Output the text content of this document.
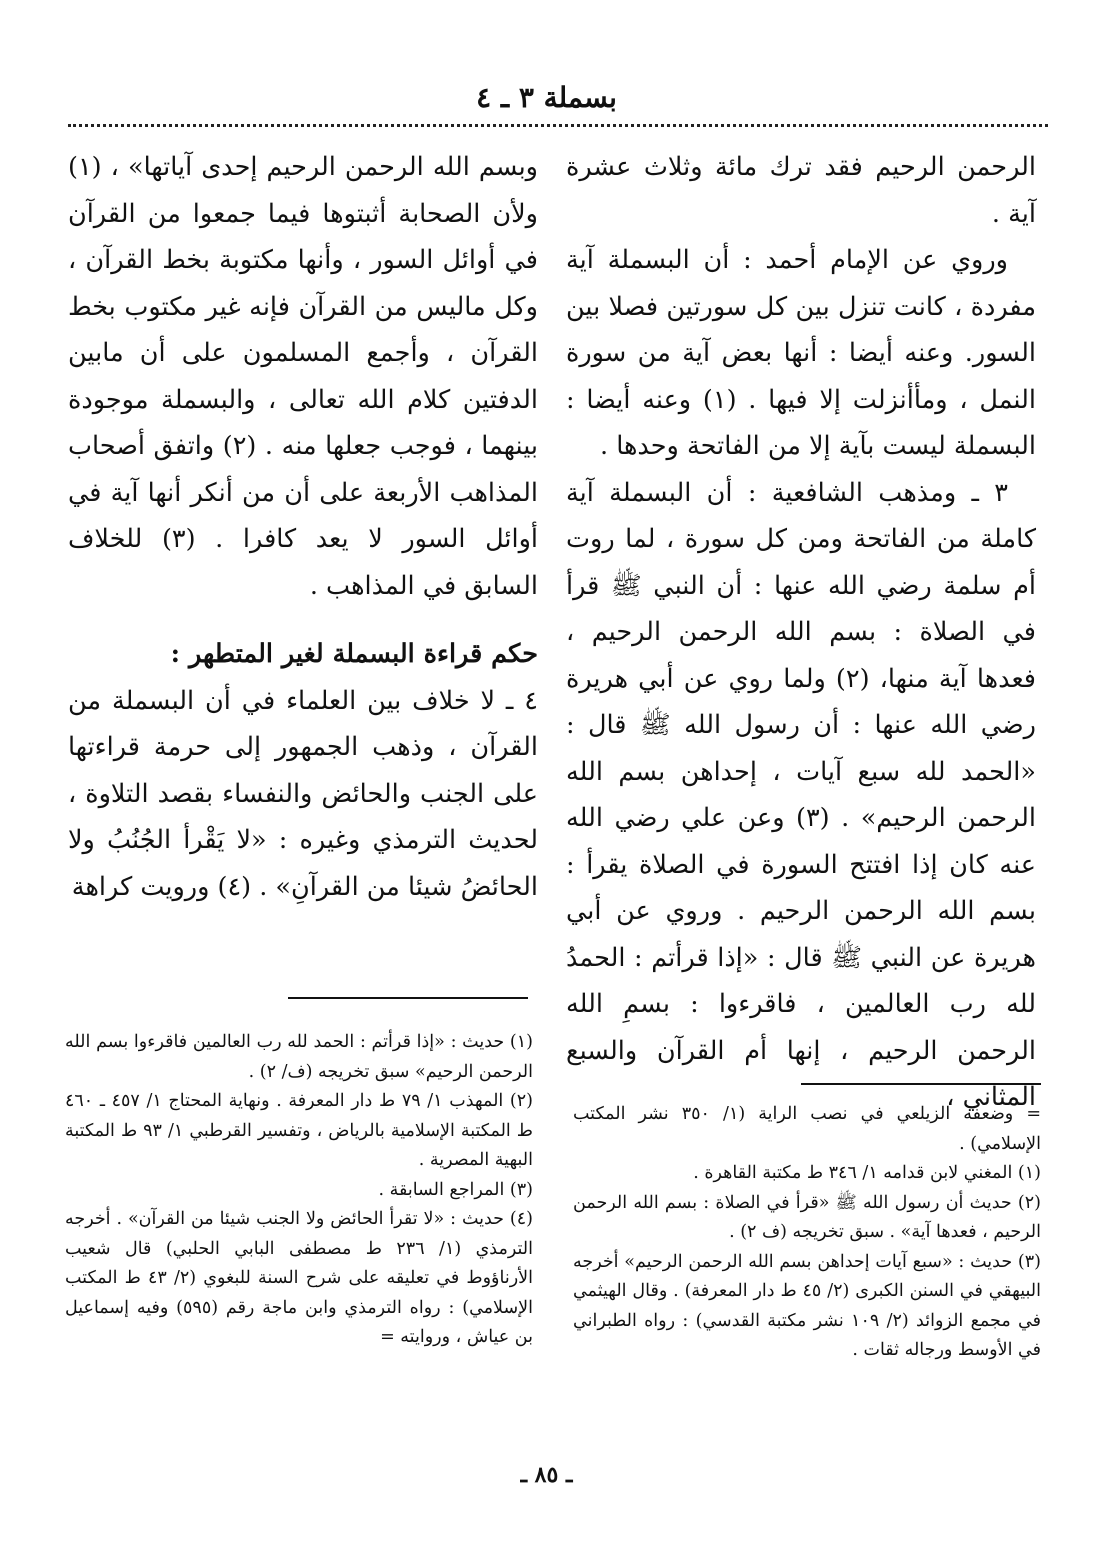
بسملة ٣ ـ ٤

الرحمن الرحيم فقد ترك مائة وثلاث عشرة آية .

وروي عن الإمام أحمد : أن البسملة آية مفردة ، كانت تنزل بين كل سورتين فصلا بين السور. وعنه أيضا : أنها بعض آية من سورة النمل ، ومأأنزلت إلا فيها . (١) وعنه أيضا : البسملة ليست بآية إلا من الفاتحة وحدها .

٣ ـ ومذهب الشافعية : أن البسملة آية كاملة من الفاتحة ومن كل سورة ، لما روت أم سلمة رضي الله عنها : أن النبي ﷺ قرأ في الصلاة : بسم الله الرحمن الرحيم ، فعدها آية منها، (٢) ولما روي عن أبي هريرة رضي الله عنها : أن رسول الله ﷺ قال : «الحمد لله سبع آيات ، إحداهن بسم الله الرحمن الرحيم» . (٣) وعن علي رضي الله عنه كان إذا افتتح السورة في الصلاة يقرأ : بسم الله الرحمن الرحيم . وروي عن أبي هريرة عن النبي ﷺ قال : «إذا قرأتم : الحمدُ لله رب العالمين ، فاقرءوا : بسمِ الله الرحمن الرحيم ، إنها أم القرآن والسبع المثاني ،

وبسم الله الرحمن الرحيم إحدى آياتها» ، (١) ولأن الصحابة أثبتوها فيما جمعوا من القرآن في أوائل السور ، وأنها مكتوبة بخط القرآن ، وكل ماليس من القرآن فإنه غير مكتوب بخط القرآن ، وأجمع المسلمون على أن مابين الدفتين كلام الله تعالى ، والبسملة موجودة بينهما ، فوجب جعلها منه . (٢) واتفق أصحاب المذاهب الأربعة على أن من أنكر أنها آية في أوائل السور لا يعد كافرا . (٣) للخلاف السابق في المذاهب .

حكم قراءة البسملة لغير المتطهر :

٤ ـ لا خلاف بين العلماء في أن البسملة من القرآن ، وذهب الجمهور إلى حرمة قراءتها على الجنب والحائض والنفساء بقصد التلاوة ، لحديث الترمذي وغيره : «لا يَقْرأ الجُنُبُ ولا الحائضُ شيئا من القرآنِ» . (٤) ورويت كراهة

= وضعفه الزيلعي في نصب الراية (١/ ٣٥٠ نشر المكتب الإسلامي) .

(١) المغني لابن قدامه ١/ ٣٤٦ ط مكتبة القاهرة .

(٢) حديث أن رسول الله ﷺ «قرأ في الصلاة : بسم الله الرحمن الرحيم ، فعدها آية» . سبق تخريجه (ف ٢) .

(٣) حديث : «سبع آيات إحداهن بسم الله الرحمن الرحيم» أخرجه البيهقي في السنن الكبرى (٢/ ٤٥ ط دار المعرفة) . وقال الهيثمي في مجمع الزوائد (٢/ ١٠٩ نشر مكتبة القدسي) : رواه الطبراني في الأوسط ورجاله ثقات .

(١) حديث : «إذا قرأتم : الحمد لله رب العالمين فاقرءوا بسم الله الرحمن الرحيم» سبق تخريجه (ف/ ٢) .

(٢) المهذب ١/ ٧٩ ط دار المعرفة . ونهاية المحتاج ١/ ٤٥٧ ـ ٤٦٠ ط المكتبة الإسلامية بالرياض ، وتفسير القرطبي ١/ ٩٣ ط المكتبة البهية المصرية .

(٣) المراجع السابقة .

(٤) حديث : «لا تقرأ الحائض ولا الجنب شيئا من القرآن» . أخرجه الترمذي (١/ ٢٣٦ ط مصطفى البابي الحلبي) قال شعيب الأرناؤوط في تعليقه على شرح السنة للبغوي (٢/ ٤٣ ط المكتب الإسلامي) : رواه الترمذي وابن ماجة رقم (٥٩٥) وفيه إسماعيل بن عياش ، وروايته =

ـ ٨٥ ـ
